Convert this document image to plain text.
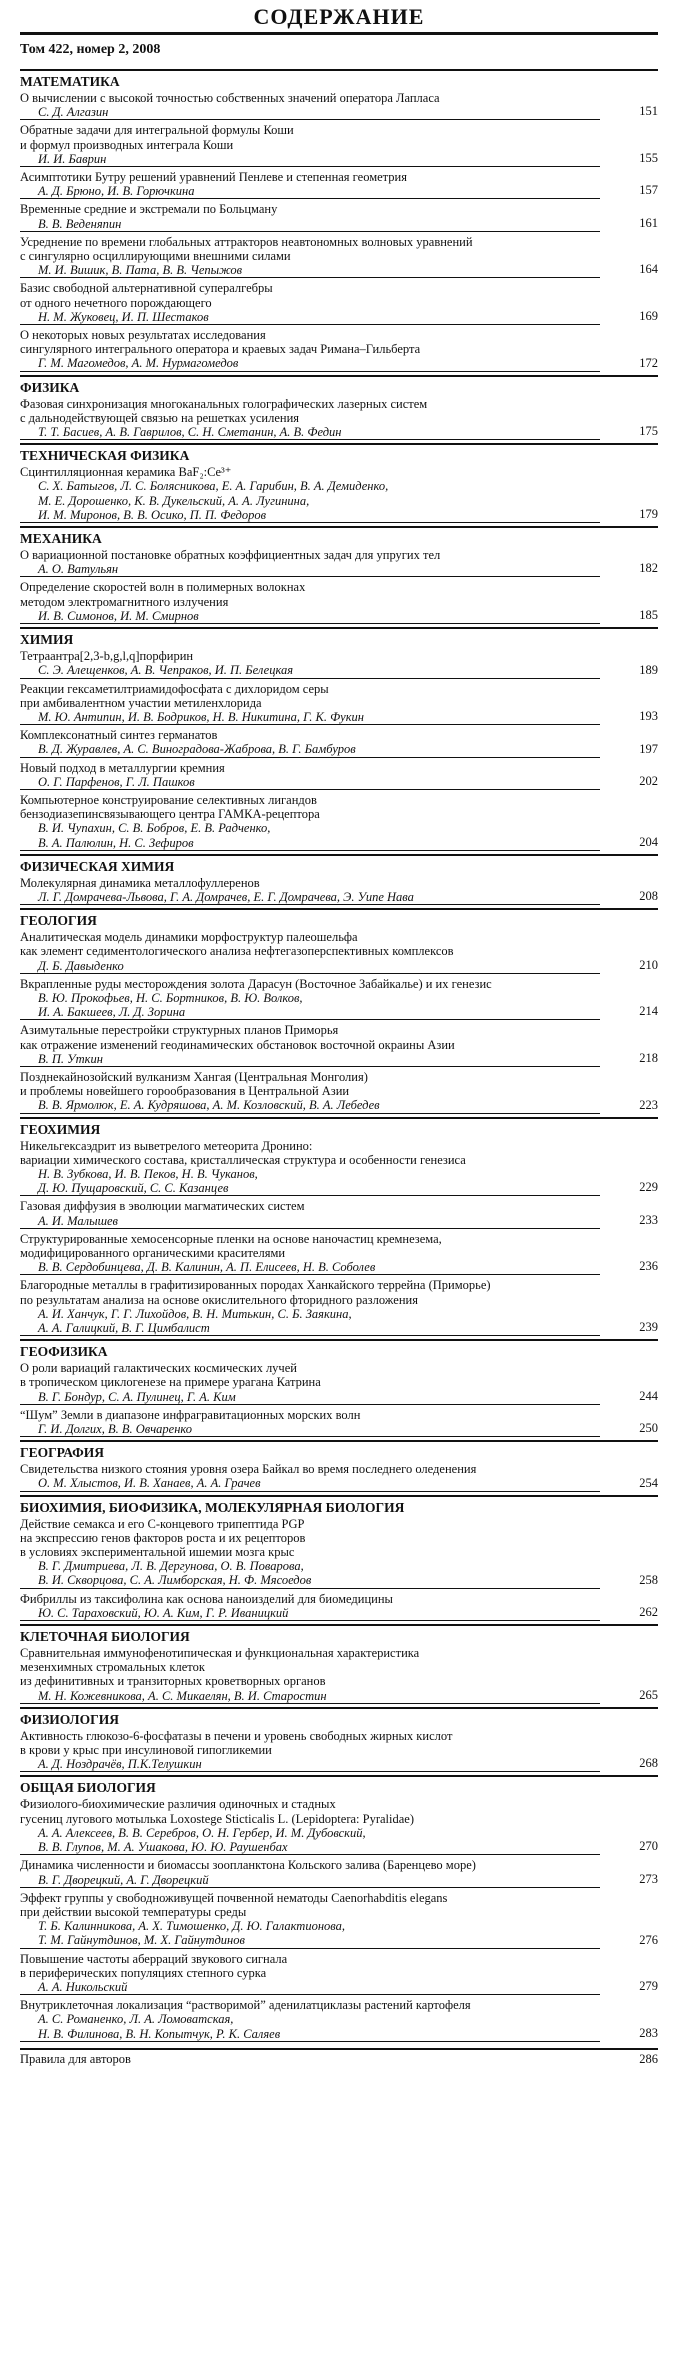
СОДЕРЖАНИЕ
Том 422, номер 2, 2008
МАТЕМАТИКА
О вычислении с высокой точностью собственных значений оператора Лапласа
С. Д. Алгазин	151
Обратные задачи для интегральной формулы Коши
и формул производных интеграла Коши
И. И. Баврин	155
Асимптотики Бутру решений уравнений Пенлеве и степенная геометрия
А. Д. Брюно, И. В. Горючкина	157
Временные средние и экстремали по Больцману
В. В. Веденяпин	161
Усреднение по времени глобальных аттракторов неавтономных волновых уравнений
с сингулярно осциллирующими внешними силами
М. И. Вишик, В. Пата, В. В. Чепыжов	164
Базис свободной альтернативной супералгебры
от одного нечетного порождающего
Н. М. Жуковец, И. П. Шестаков	169
О некоторых новых результатах исследования
сингулярного интегрального оператора и краевых задач Римана–Гильберта
Г. М. Магомедов, А. М. Нурмагомедов	172
ФИЗИКА
Фазовая синхронизация многоканальных голографических лазерных систем
с дальнодействующей связью на решетках усиления
Т. Т. Басиев, А. В. Гаврилов, С. Н. Сметанин, А. В. Федин	175
ТЕХНИЧЕСКАЯ ФИЗИКА
Сцинтилляционная керамика BaF₂:Ce³⁺
С. Х. Батыгов, Л. С. Болясникова, Е. А. Гарибин, В. А. Демиденко,
М. Е. Дорошенко, К. В. Дукельский, А. А. Лугинина,
И. М. Миронов, В. В. Осико, П. П. Федоров	179
МЕХАНИКА
О вариационной постановке обратных коэффициентных задач для упругих тел
А. О. Ватульян	182
Определение скоростей волн в полимерных волокнах
методом электромагнитного излучения
И. В. Симонов, И. М. Смирнов	185
ХИМИЯ
Тетраантра[2,3-b,g,l,q]порфирин
С. Э. Алещенков, А. В. Чепраков, И. П. Белецкая	189
Реакции гексаметилтриамидофосфата с дихлоридом серы
при амбивалентном участии метиленхлорида
М. Ю. Антипин, И. В. Бодриков, Н. В. Никитина, Г. К. Фукин	193
Комплексонатный синтез германатов
В. Д. Журавлев, А. С. Виноградова-Жаброва, В. Г. Бамбуров	197
Новый подход в металлургии кремния
О. Г. Парфенов, Г. Л. Пашков	202
Компьютерное конструирование селективных лигандов
бензодиазепинсвязывающего центра ГАМКА-рецептора
В. И. Чупахин, С. В. Бобров, Е. В. Радченко,
В. А. Палюлин, Н. С. Зефиров	204
ФИЗИЧЕСКАЯ ХИМИЯ
Молекулярная динамика металлофуллеренов
Л. Г. Домрачева-Львова, Г. А. Домрачев, Е. Г. Домрачева, Э. Уипе Нава	208
ГЕОЛОГИЯ
Аналитическая модель динамики морфоструктур палеошельфа
как элемент седиментологического анализа нефтегазоперспективных комплексов
Д. Б. Давыденко	210
Вкрапленные руды месторождения золота Дарасун (Восточное Забайкалье) и их генезис
В. Ю. Прокофьев, Н. С. Бортников, В. Ю. Волков,
И. А. Бакшеев, Л. Д. Зорина	214
Азимутальные перестройки структурных планов Приморья
как отражение изменений геодинамических обстановок восточной окраины Азии
В. П. Уткин	218
Позднекайнозойский вулканизм Хангая (Центральная Монголия)
и проблемы новейшего горообразования в Центральной Азии
В. В. Ярмолюк, Е. А. Кудряшова, А. М. Козловский, В. А. Лебедев	223
ГЕОХИМИЯ
Никельгексаэдрит из выветрелого метеорита Дронино:
вариации химического состава, кристаллическая структура и особенности генезиса
Н. В. Зубкова, И. В. Пеков, Н. В. Чуканов,
Д. Ю. Пущаровский, С. С. Казанцев	229
Газовая диффузия в эволюции магматических систем
А. И. Малышев	233
Структурированные хемосенсорные пленки на основе наночастиц кремнезема,
модифицированного органическими красителями
В. В. Сердобинцева, Д. В. Калинин, А. П. Елисеев, Н. В. Соболев	236
Благородные металлы в графитизированных породах Ханкайского террейна (Приморье)
по результатам анализа на основе окислительного фторидного разложения
А. И. Ханчук, Г. Г. Лихойдов, В. Н. Митькин, С. Б. Заякина,
А. А. Галицкий, В. Г. Цимбалист	239
ГЕОФИЗИКА
О роли вариаций галактических космических лучей
в тропическом циклогенезе на примере урагана Катрина
В. Г. Бондур, С. А. Пулинец, Г. А. Ким	244
“Шум” Земли в диапазоне инфрагравитационных морских волн
Г. И. Долгих, В. В. Овчаренко	250
ГЕОГРАФИЯ
Свидетельства низкого стояния уровня озера Байкал во время последнего оледенения
О. М. Хлыстов, И. В. Ханаев, А. А. Грачев	254
БИОХИМИЯ, БИОФИЗИКА, МОЛЕКУЛЯРНАЯ БИОЛОГИЯ
Действие семакса и его C-концевого трипептида PGP
на экспрессию генов факторов роста и их рецепторов
в условиях экспериментальной ишемии мозга крыс
В. Г. Дмитриева, Л. В. Дергунова, О. В. Поварова,
В. И. Скворцова, С. А. Лимборская, Н. Ф. Мясоедов	258
Фибриллы из таксифолина как основа наноизделий для биомедицины
Ю. С. Тараховский, Ю. А. Ким, Г. Р. Иваницкий	262
КЛЕТОЧНАЯ БИОЛОГИЯ
Сравнительная иммунофенотипическая и функциональная характеристика
мезенхимных стромальных клеток
из дефинитивных и транзиторных кроветворных органов
М. Н. Кожевникова, А. С. Микаелян, В. И. Старостин	265
ФИЗИОЛОГИЯ
Активность глюкозо-6-фосфатазы в печени и уровень свободных жирных кислот
в крови у крыс при инсулиновой гипогликемии
А. Д. Ноздрачёв, П.К.Телушкин	268
ОБЩАЯ БИОЛОГИЯ
Физиолого-биохимические различия одиночных и стадных
гусениц лугового мотылька Loxostege Sticticalis L. (Lepidoptera: Pyralidae)
А. А. Алексеев, В. В. Серебров, О. Н. Гербер, И. М. Дубовский,
В. В. Глупов, М. А. Ушакова, Ю. Ю. Раушенбах	270
Динамика численности и биомассы зоопланктона Кольского залива (Баренцево море)
В. Г. Дворецкий, А. Г. Дворецкий	273
Эффект группы у свободноживущей почвенной нематоды Caenorhabditis elegans
при действии высокой температуры среды
Т. Б. Калинникова, А. Х. Тимошенко, Д. Ю. Галактионова,
Т. М. Гайнутдинов, М. Х. Гайнутдинов	276
Повышение частоты аберраций звукового сигнала
в периферических популяциях степного сурка
А. А. Никольский	279
Внутриклеточная локализация “растворимой” аденилатциклазы растений картофеля
А. С. Романенко, Л. А. Ломоватская,
Н. В. Филинова, В. Н. Копытчук, Р. К. Саляев	283
Правила для авторов	286
